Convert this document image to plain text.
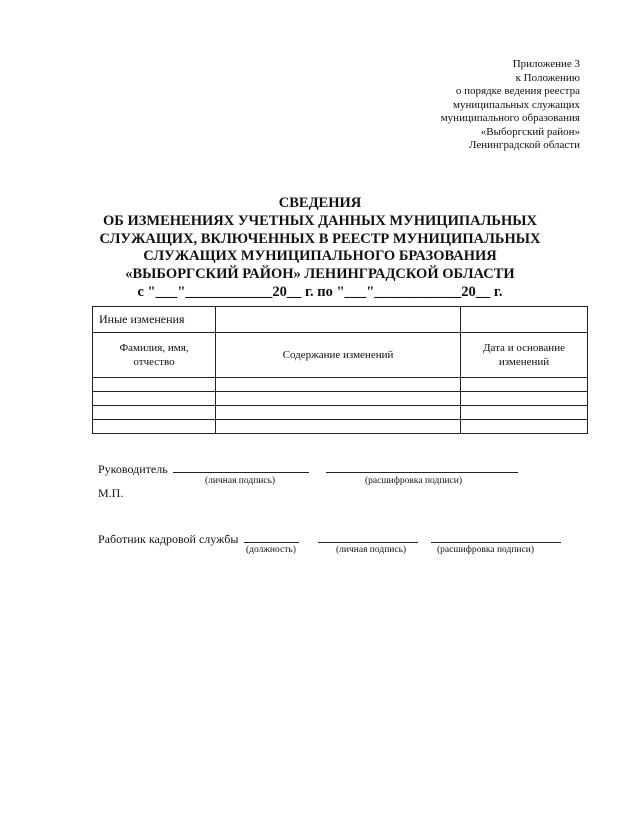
Приложение 3
к Положению
о порядке ведения реестра
муниципальных служащих
муниципального образования
«Выборгский район»
Ленинградской области
СВЕДЕНИЯ
ОБ ИЗМЕНЕНИЯХ УЧЕТНЫХ ДАННЫХ МУНИЦИПАЛЬНЫХ
СЛУЖАЩИХ, ВКЛЮЧЕННЫХ В РЕЕСТР МУНИЦИПАЛЬНЫХ
СЛУЖАЩИХ МУНИЦИПАЛЬНОГО БРАЗОВАНИЯ
«ВЫБОРГСКИЙ РАЙОН» ЛЕНИНГРАДСКОЙ ОБЛАСТИ
с "___"____________20__ г. по "___"____________20__ г.
Иные изменения		
Фамилия, имя, отчество	Содержание изменений	Дата и основание изменений

Руководитель
(личная подпись)	(расшифровка подписи)
М.П.
Работник кадровой службы
(должность)	(личная подпись)	(расшифровка подписи)
